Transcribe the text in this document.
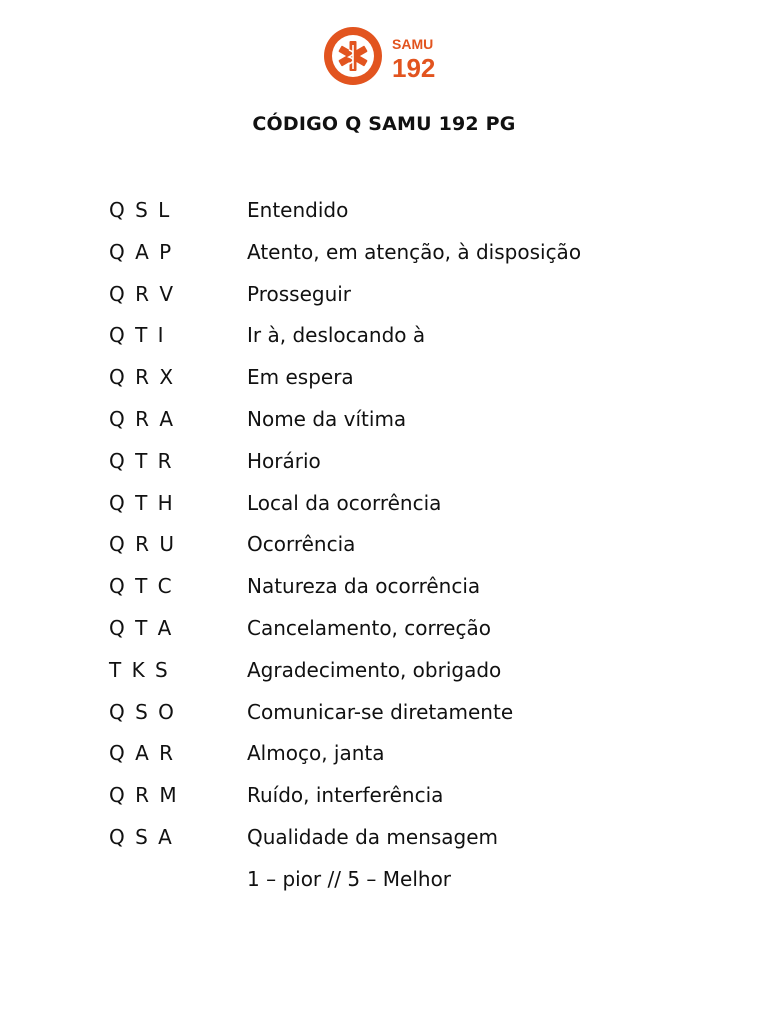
SAMU
192
CÓDIGO Q SAMU 192 PG
Q S L	Entendido
Q A P	Atento, em atenção, à disposição
Q R V	Prosseguir
Q T I	Ir à, deslocando à
Q R X	Em espera
Q R A	Nome da vítima
Q T R	Horário
Q T H	Local da ocorrência
Q R U	Ocorrência
Q T C	Natureza da ocorrência
Q T A	Cancelamento, correção
T K S	Agradecimento, obrigado
Q S O	Comunicar-se diretamente
Q A R	Almoço, janta
Q R M	Ruído, interferência
Q S A	Qualidade da mensagem
1 – pior // 5 – Melhor
